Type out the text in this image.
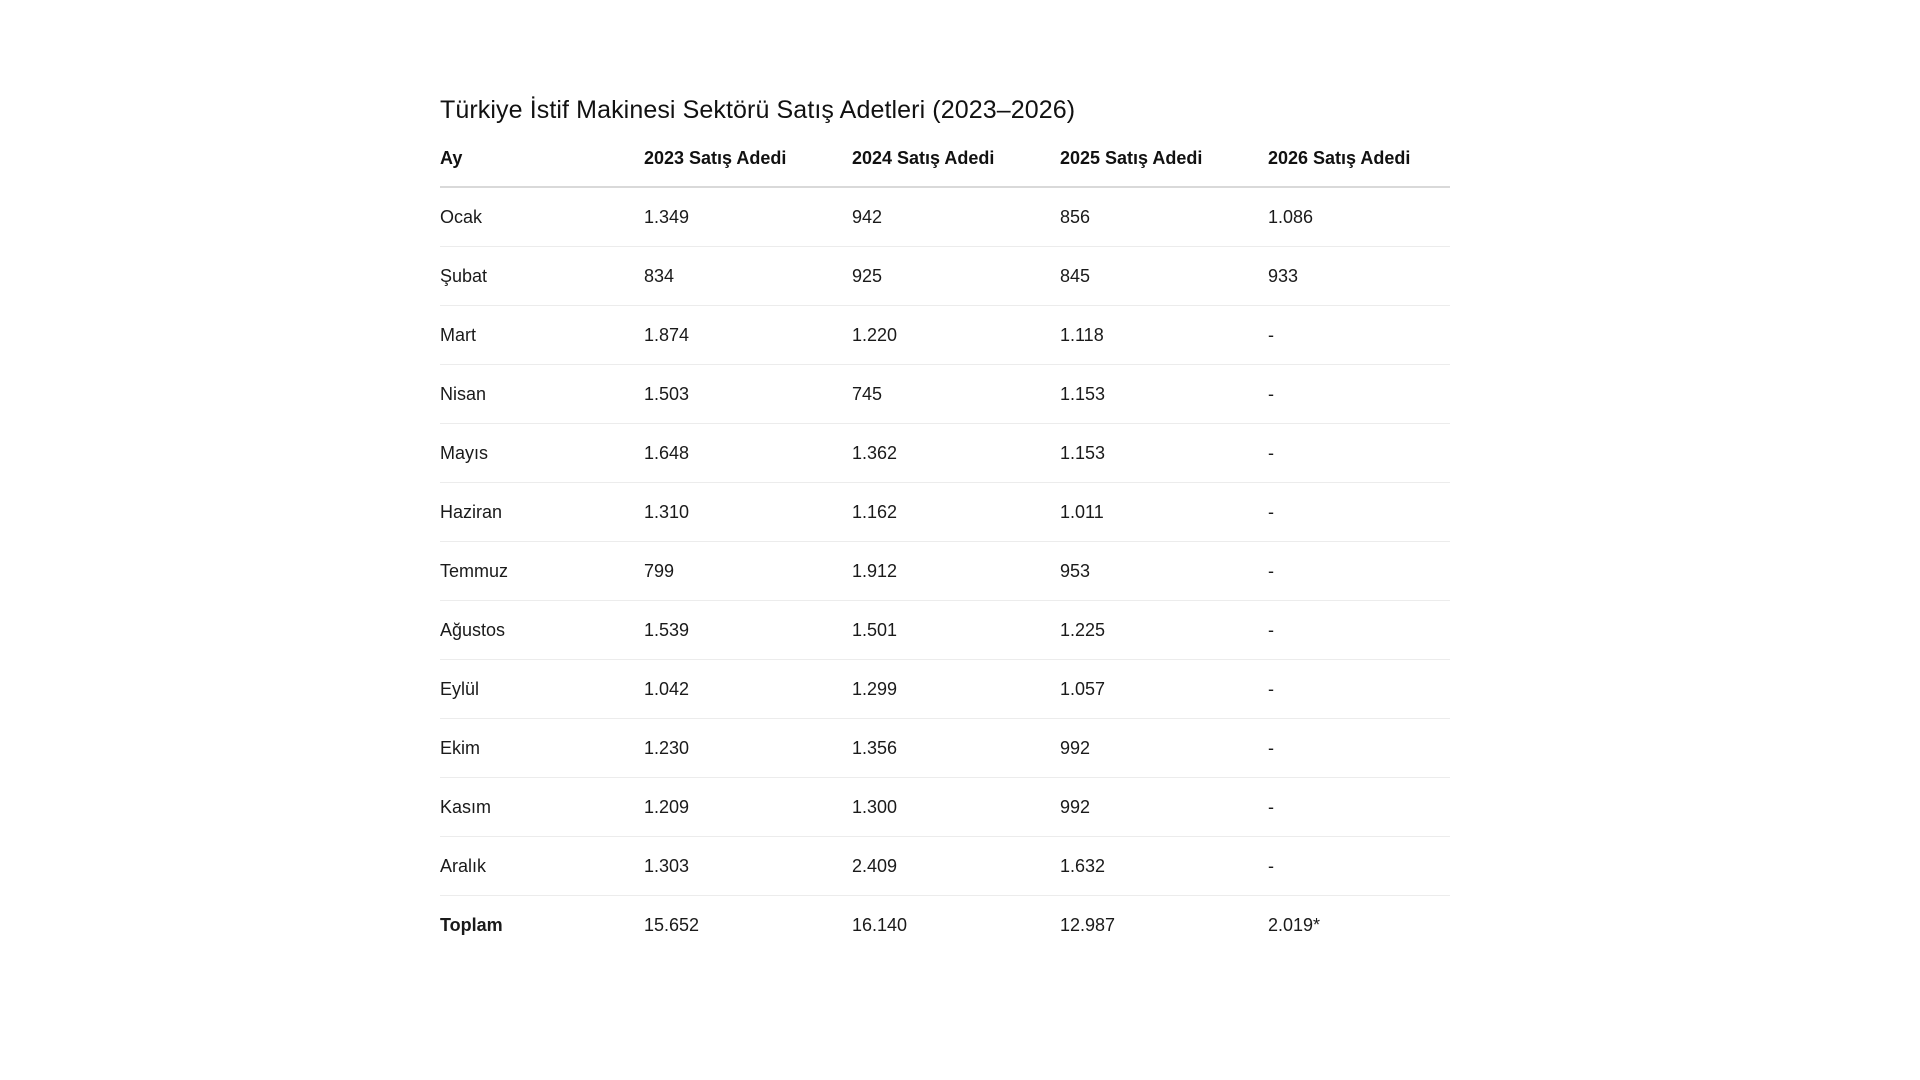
Türkiye İstif Makinesi Sektörü Satış Adetleri (2023–2026)
Ay	2023 Satış Adedi	2024 Satış Adedi	2025 Satış Adedi	2026 Satış Adedi
Ocak	1.349	942	856	1.086
Şubat	834	925	845	933
Mart	1.874	1.220	1.118	-
Nisan	1.503	745	1.153	-
Mayıs	1.648	1.362	1.153	-
Haziran	1.310	1.162	1.011	-
Temmuz	799	1.912	953	-
Ağustos	1.539	1.501	1.225	-
Eylül	1.042	1.299	1.057	-
Ekim	1.230	1.356	992	-
Kasım	1.209	1.300	992	-
Aralık	1.303	2.409	1.632	-
Toplam	15.652	16.140	12.987	2.019*
